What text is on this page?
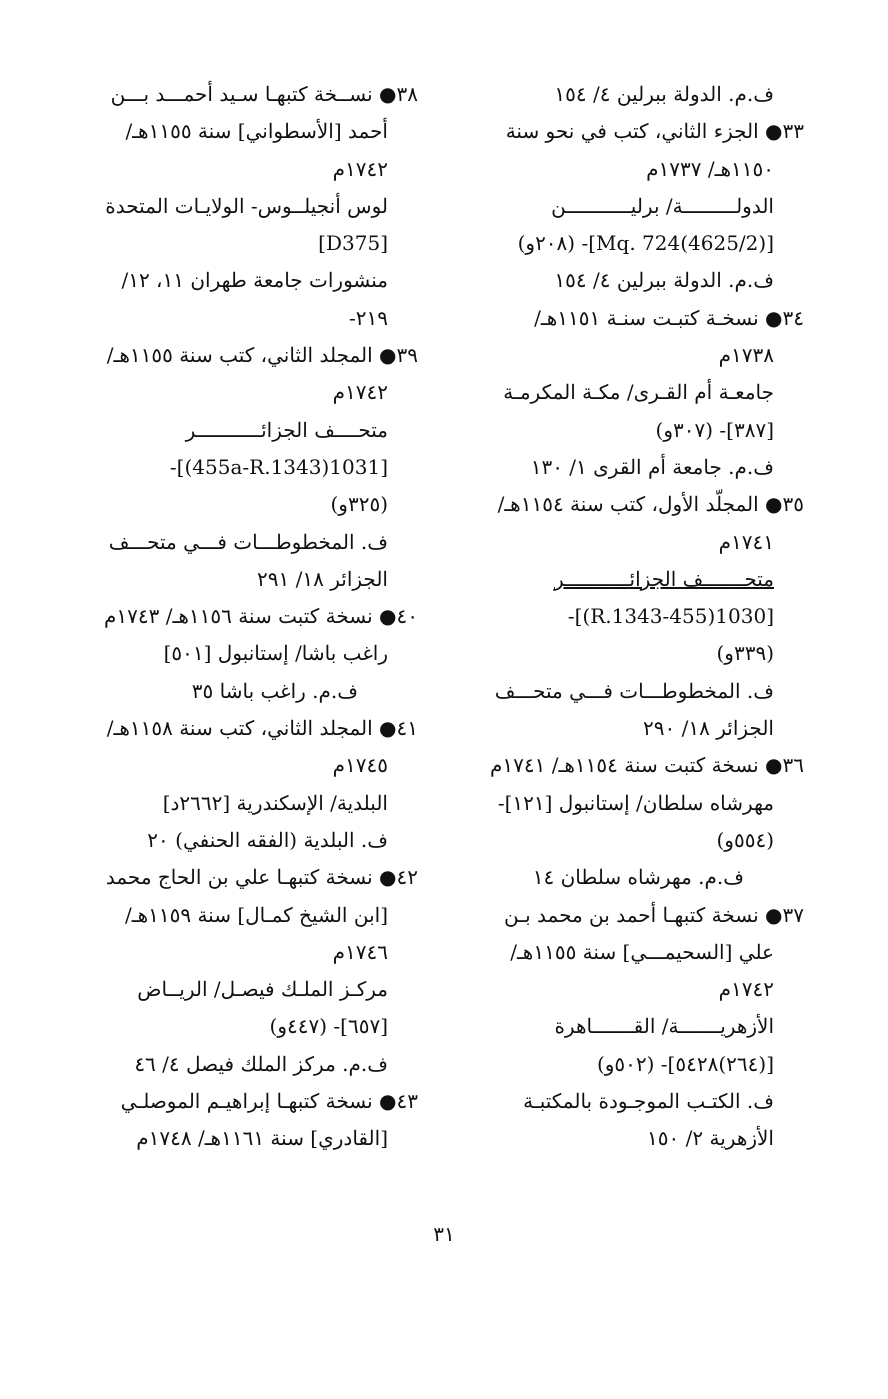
ف.م. الدولة ببرلين ٤/ ١٥٤
٣٣● الجزء الثاني، كتب في نحو سنة
١١٥٠هـ/ ١٧٣٧م
الدولـــــــــة/ برليـــــــــــن
[(4625/2)Mq. 724]- (٢٠٨و)
ف.م. الدولة ببرلين ٤/ ١٥٤
٣٤● نسخـة كتبـت سنـة ١١٥١هـ/
١٧٣٨م
جامعـة أم القـرى/ مكـة المكرمـة
[٣٨٧]- (٣٠٧و)
ف.م. جامعة أم القرى ١/ ١٣٠
٣٥● المجلّد الأول، كتب سنة ١١٥٤هـ/
١٧٤١م
متحـــــــف الجزائـــــــــــر
[1030(455-R.1343)]-
(٣٣٩و)
ف. المخطوطـــات فـــي متحـــف
الجزائر ١٨/ ٢٩٠
٣٦● نسخة كتبت سنة ١١٥٤هـ/ ١٧٤١م
مهرشاه سلطان/ إستانبول [١٢١]-
(٥٥٤و)
ف.م. مهرشاه سلطان ١٤
٣٧● نسخة كتبهـا أحمد بن محمد بـن
علي [السحيمـــي] سنة ١١٥٥هـ/
١٧٤٢م
الأزهريـــــــة/ القـــــــاهرة
[(٢٦٤)٥٤٢٨]- (٥٠٢و)
ف. الكتـب الموجـودة بالمكتبـة
الأزهرية ٢/ ١٥٠
٣٨● نســخة كتبهـا سـيد أحمـــد بـــن
أحمد [الأسطواني] سنة ١١٥٥هـ/
١٧٤٢م
لوس أنجيلــوس- الولايـات المتحدة
[D375]
منشورات جامعة طهران ١١، ١٢/
٢١٩-
٣٩● المجلد الثاني، كتب سنة ١١٥٥هـ/
١٧٤٢م
متحــــف الجزائـــــــــــر
[1031(455a-R.1343)]-
(٣٢٥و)
ف. المخطوطـــات فـــي متحـــف
الجزائر ١٨/ ٢٩١
٤٠● نسخة كتبت سنة ١١٥٦هـ/ ١٧٤٣م
راغب باشا/ إستانبول [٥٠١]
ف.م. راغب باشا ٣٥
٤١● المجلد الثاني، كتب سنة ١١٥٨هـ/
١٧٤٥م
البلدية/ الإسكندرية [٢٦٦٢د]
ف. البلدية (الفقه الحنفي) ٢٠
٤٢● نسخة كتبهـا علي بن الحاج محمد
[ابن الشيخ كمـال] سنة ١١٥٩هـ/
١٧٤٦م
مركـز الملـك فيصـل/ الريــاض
[٦٥٧]- (٤٤٧و)
ف.م. مركز الملك فيصل ٤/ ٤٦
٤٣● نسخة كتبهـا إبراهيـم الموصلـي
[القادري] سنة ١١٦١هـ/ ١٧٤٨م
٣١
